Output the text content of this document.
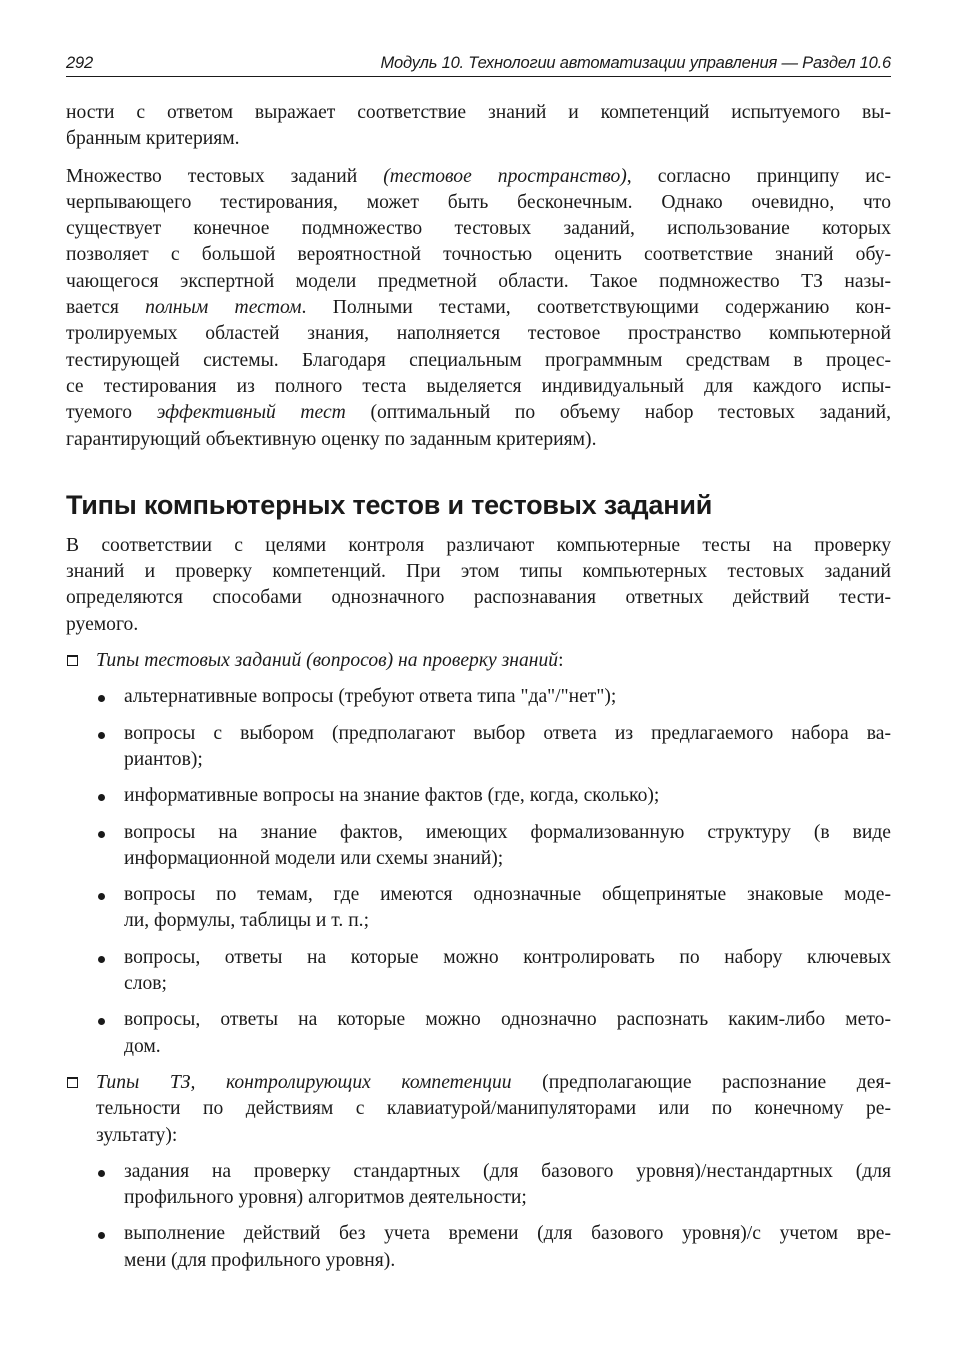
292	Модуль 10. Технологии автоматизации управления — Раздел 10.6

ности с ответом выражает соответствие знаний и компетенций испытуемого вы-
бранным критериям.

Множество тестовых заданий (тестовое пространство), согласно принципу ис-
черпывающего тестирования, может быть бесконечным. Однако очевидно, что
существует конечное подмножество тестовых заданий, использование которых
позволяет с большой вероятностной точностью оценить соответствие знаний обу-
чающегося экспертной модели предметной области. Такое подмножество ТЗ назы-
вается полным тестом. Полными тестами, соответствующими содержанию кон-
тролируемых областей знания, наполняется тестовое пространство компьютерной
тестирующей системы. Благодаря специальным программным средствам в процес-
се тестирования из полного теста выделяется индивидуальный для каждого испы-
туемого эффективный тест (оптимальный по объему набор тестовых заданий,
гарантирующий объективную оценку по заданным критериям).

Типы компьютерных тестов и тестовых заданий

В соответствии с целями контроля различают компьютерные тесты на проверку
знаний и проверку компетенций. При этом типы компьютерных тестовых заданий
определяются способами однозначного распознавания ответных действий тести-
руемого.

Типы тестовых заданий (вопросов) на проверку знаний:
альтернативные вопросы (требуют ответа типа "да"/"нет");
вопросы с выбором (предполагают выбор ответа из предлагаемого набора ва-
риантов);
информативные вопросы на знание фактов (где, когда, сколько);
вопросы на знание фактов, имеющих формализованную структуру (в виде
информационной модели или схемы знаний);
вопросы по темам, где имеются однозначные общепринятые знаковые моде-
ли, формулы, таблицы и т. п.;
вопросы, ответы на которые можно контролировать по набору ключевых
слов;
вопросы, ответы на которые можно однозначно распознать каким-либо мето-
дом.
Типы ТЗ, контролирующих компетенции (предполагающие распознание дея-
тельности по действиям с клавиатурой/манипуляторами или по конечному ре-
зультату):
задания на проверку стандартных (для базового уровня)/нестандартных (для
профильного уровня) алгоритмов деятельности;
выполнение действий без учета времени (для базового уровня)/с учетом вре-
мени (для профильного уровня).
